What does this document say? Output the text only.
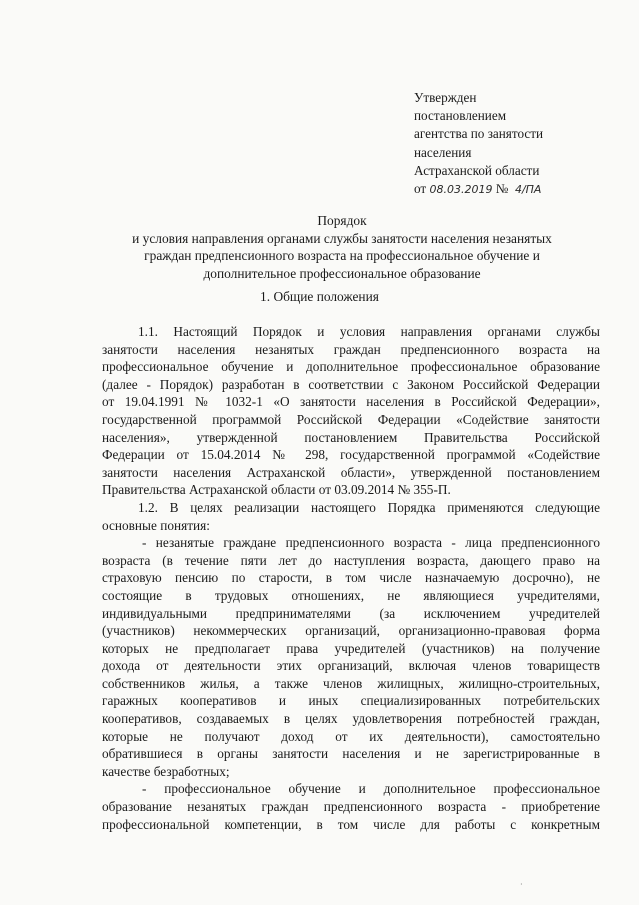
Утвержден
постановлением
агентства по занятости
населения
Астраханской области
от 08.03.2019 № 4/ПА
Порядок
и условия направления органами службы занятости населения незанятых
граждан предпенсионного возраста на профессиональное обучение и
дополнительное профессиональное образование
1. Общие положения
1.1. Настоящий Порядок и условия направления органами службы
занятости населения незанятых граждан предпенсионного возраста на
профессиональное обучение и дополнительное профессиональное образование
(далее - Порядок) разработан в соответствии с Законом Российской Федерации
от 19.04.1991 № 1032-1 «О занятости населения в Российской Федерации»,
государственной программой Российской Федерации «Содействие занятости
населения», утвержденной постановлением Правительства Российской
Федерации от 15.04.2014 № 298, государственной программой «Содействие
занятости населения Астраханской области», утвержденной постановлением
Правительства Астраханской области от 03.09.2014 № 355-П.
1.2. В целях реализации настоящего Порядка применяются следующие
основные понятия:
- незанятые граждане предпенсионного возраста - лица предпенсионного
возраста (в течение пяти лет до наступления возраста, дающего право на
страховую пенсию по старости, в том числе назначаемую досрочно), не
состоящие в трудовых отношениях, не являющиеся учредителями,
индивидуальными предпринимателями (за исключением учредителей
(участников) некоммерческих организаций, организационно-правовая форма
которых не предполагает права учредителей (участников) на получение
дохода от деятельности этих организаций, включая членов товариществ
собственников жилья, а также членов жилищных, жилищно-строительных,
гаражных кооперативов и иных специализированных потребительских
кооперативов, создаваемых в целях удовлетворения потребностей граждан,
которые не получают доход от их деятельности), самостоятельно
обратившиеся в органы занятости населения и не зарегистрированные в
качестве безработных;
- профессиональное обучение и дополнительное профессиональное
образование незанятых граждан предпенсионного возраста - приобретение
профессиональной компетенции, в том числе для работы с конкретным
·
